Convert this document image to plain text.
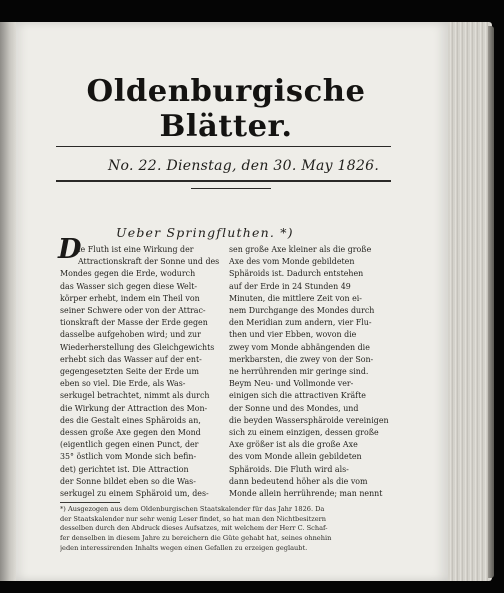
Oldenburgische Blätter.
No. 22. Dienstag, den 30. May 1826.
Ueber Springfluthen. *)
D
ie Fluth ist eine Wirkung der
Attractionskraft der Sonne und des
Mondes gegen die Erde, wodurch
das Wasser sich gegen diese Welt-
körper erhebt, indem ein Theil von
seiner Schwere oder von der Attrac-
tionskraft der Masse der Erde gegen
dasselbe aufgehoben wird; und zur
Wiederherstellung des Gleichgewichts
erhebt sich das Wasser auf der ent-
gegengesetzten Seite der Erde um
eben so viel. Die Erde, als Was-
serkugel betrachtet, nimmt als durch
die Wirkung der Attraction des Mon-
des die Gestalt eines Sphäroids an,
dessen große Axe gegen den Mond
(eigentlich gegen einen Punct, der
35° östlich vom Monde sich befin-
det) gerichtet ist. Die Attraction
der Sonne bildet eben so die Was-
serkugel zu einem Sphäroid um, des-
sen große Axe kleiner als die große
Axe des vom Monde gebildeten
Sphäroids ist. Dadurch entstehen
auf der Erde in 24 Stunden 49
Minuten, die mittlere Zeit von ei-
nem Durchgange des Mondes durch
den Meridian zum andern, vier Flu-
then und vier Ebben, wovon die
zwey vom Monde abhängenden die
merkbarsten, die zwey von der Son-
ne herrührenden mir geringe sind.
Beym Neu- und Vollmonde ver-
einigen sich die attractiven Kräfte
der Sonne und des Mondes, und
die beyden Wassersphäroide vereinigen
sich zu einem einzigen, dessen große
Axe größer ist als die große Axe
des vom Monde allein gebildeten
Sphäroids. Die Fluth wird als-
dann bedeutend höher als die vom
Monde allein herrührende; man nennt
*) Ausgezogen aus dem Oldenburgischen Staatskalender für das Jahr 1826. Da
der Staatskalender nur sehr wenig Leser findet, so hat man den Nichtbesitzern
desselben durch den Abdruck dieses Aufsatzes, mit welchem der Herr C. Schaf-
fer denselben in diesem Jahre zu bereichern die Güte gehabt hat, seines ohnehin
jeden interessirenden Inhalts wegen einen Gefallen zu erzeigen geglaubt.
